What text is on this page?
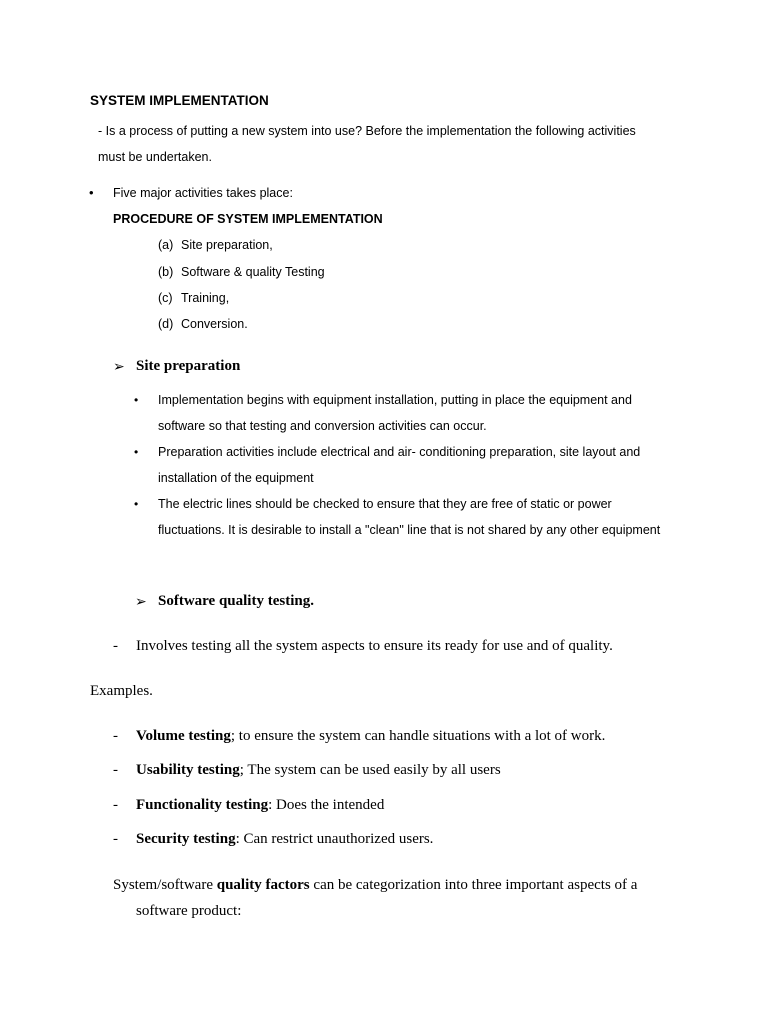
SYSTEM IMPLEMENTATION
- Is a process of putting a new system into use? Before the implementation the following activities
must be undertaken.
• Five major activities takes place:
PROCEDURE OF SYSTEM IMPLEMENTATION
(a) Site preparation,
(b) Software & quality Testing
(c) Training,
(d) Conversion.
➢ Site preparation
• Implementation begins with equipment installation, putting in place the equipment and
software so that testing and conversion activities can occur.
• Preparation activities include electrical and air- conditioning preparation, site layout and
installation of the equipment
• The electric lines should be checked to ensure that they are free of static or power
fluctuations. It is desirable to install a "clean" line that is not shared by any other equipment
➢ Software quality testing.
- Involves testing all the system aspects to ensure its ready for use and of quality.
Examples.
- Volume testing; to ensure the system can handle situations with a lot of work.
- Usability testing; The system can be used easily by all users
- Functionality testing: Does the intended
- Security testing: Can restrict unauthorized users.
System/software quality factors can be categorization into three important aspects of a
software product:
